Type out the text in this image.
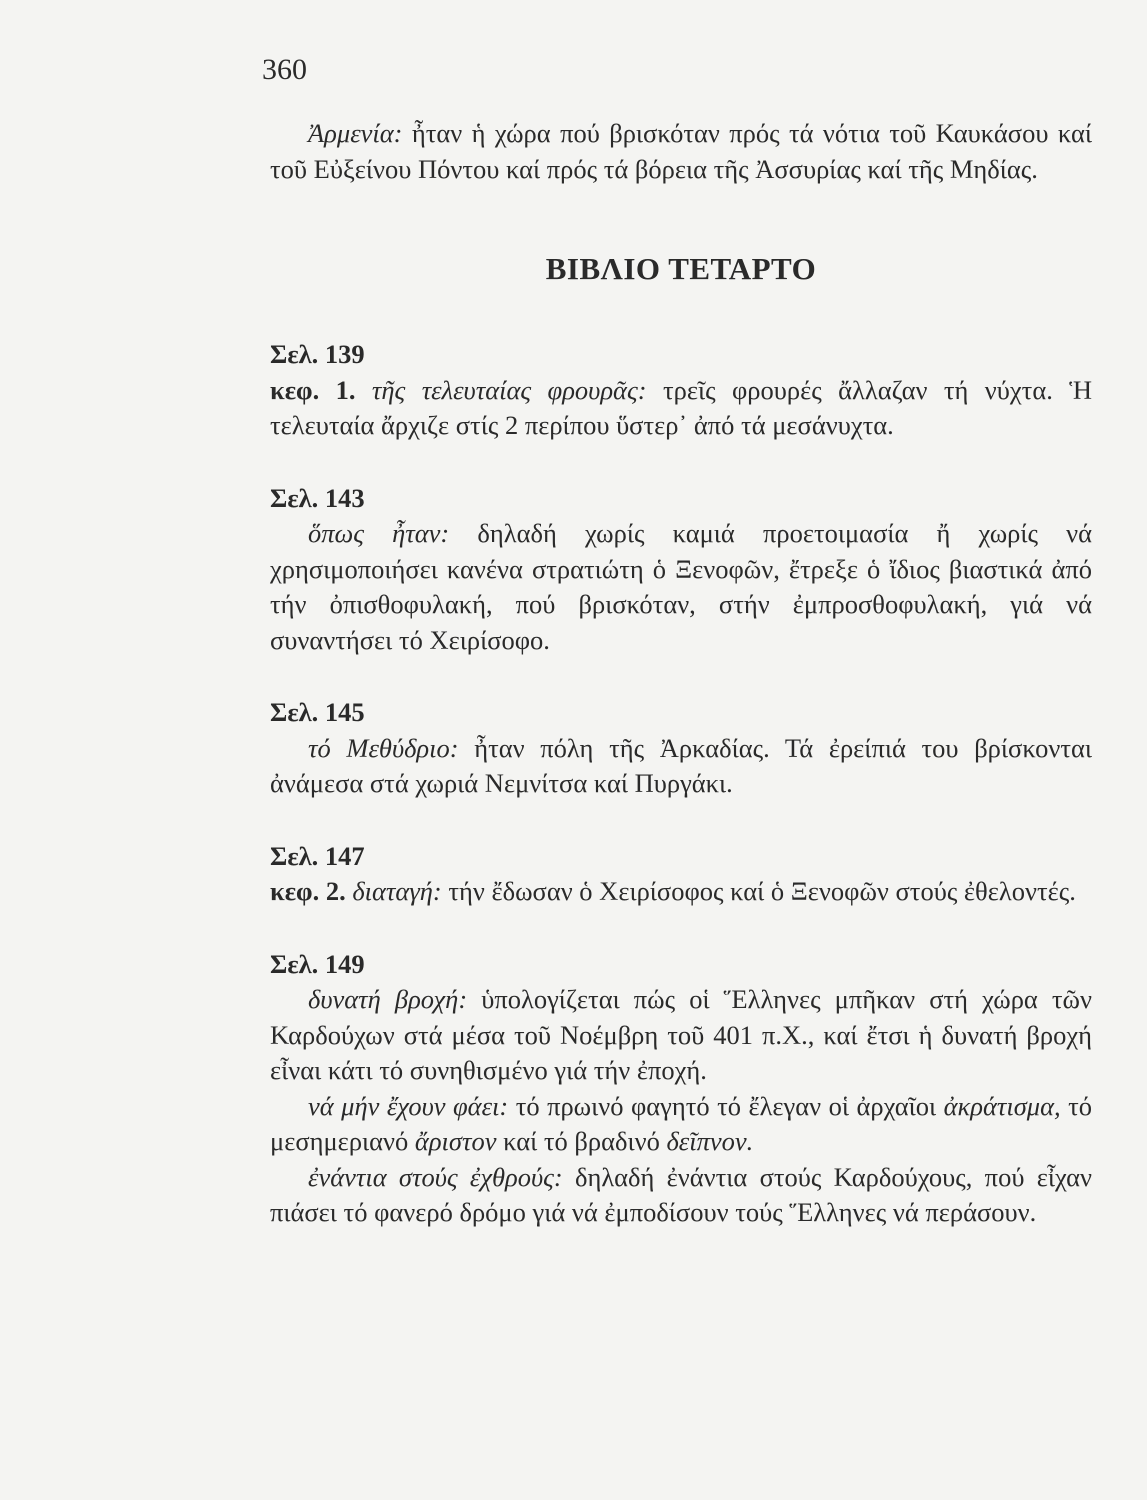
360

Ἀρμενία: ἦταν ἡ χώρα πού βρισκόταν πρός τά νότια τοῦ Καυκάσου καί τοῦ Εὐξείνου Πόντου καί πρός τά βόρεια τῆς Ἀσσυρίας καί τῆς Μηδίας.

ΒΙΒΛΙΟ ΤΕΤΑΡΤΟ

Σελ. 139

κεφ. 1. τῆς τελευταίας φρουρᾶς: τρεῖς φρουρές ἄλλαζαν τή νύχτα. Ἡ τελευταία ἄρχιζε στίς 2 περίπου ὕστερ᾽ ἀπό τά μεσάνυχτα.

Σελ. 143

ὅπως ἦταν: δηλαδή χωρίς καμιά προετοιμασία ἤ χωρίς νά χρησιμοποιήσει κανένα στρατιώτη ὁ Ξενοφῶν, ἔτρεξε ὁ ἴδιος βιαστικά ἀπό τήν ὀπισθοφυλακή, πού βρισκόταν, στήν ἐμπροσθοφυλακή, γιά νά συναντήσει τό Χειρίσοφο.

Σελ. 145

τό Μεθύδριο: ἦταν πόλη τῆς Ἀρκαδίας. Τά ἐρείπιά του βρίσκονται ἀνάμεσα στά χωριά Νεμνίτσα καί Πυργάκι.

Σελ. 147

κεφ. 2. διαταγή: τήν ἔδωσαν ὁ Χειρίσοφος καί ὁ Ξενοφῶν στούς ἐθελοντές.

Σελ. 149

δυνατή βροχή: ὑπολογίζεται πώς οἱ Ἕλληνες μπῆκαν στή χώρα τῶν Καρδούχων στά μέσα τοῦ Νοέμβρη τοῦ 401 π.Χ., καί ἔτσι ἡ δυνατή βροχή εἶναι κάτι τό συνηθισμένο γιά τήν ἐποχή.

νά μήν ἔχουν φάει: τό πρωινό φαγητό τό ἔλεγαν οἱ ἀρχαῖοι ἀκράτισμα, τό μεσημεριανό ἄριστον καί τό βραδινό δεῖπνον.

ἐνάντια στούς ἐχθρούς: δηλαδή ἐνάντια στούς Καρδούχους, πού εἶχαν πιάσει τό φανερό δρόμο γιά νά ἐμποδίσουν τούς Ἕλληνες νά περάσουν.
